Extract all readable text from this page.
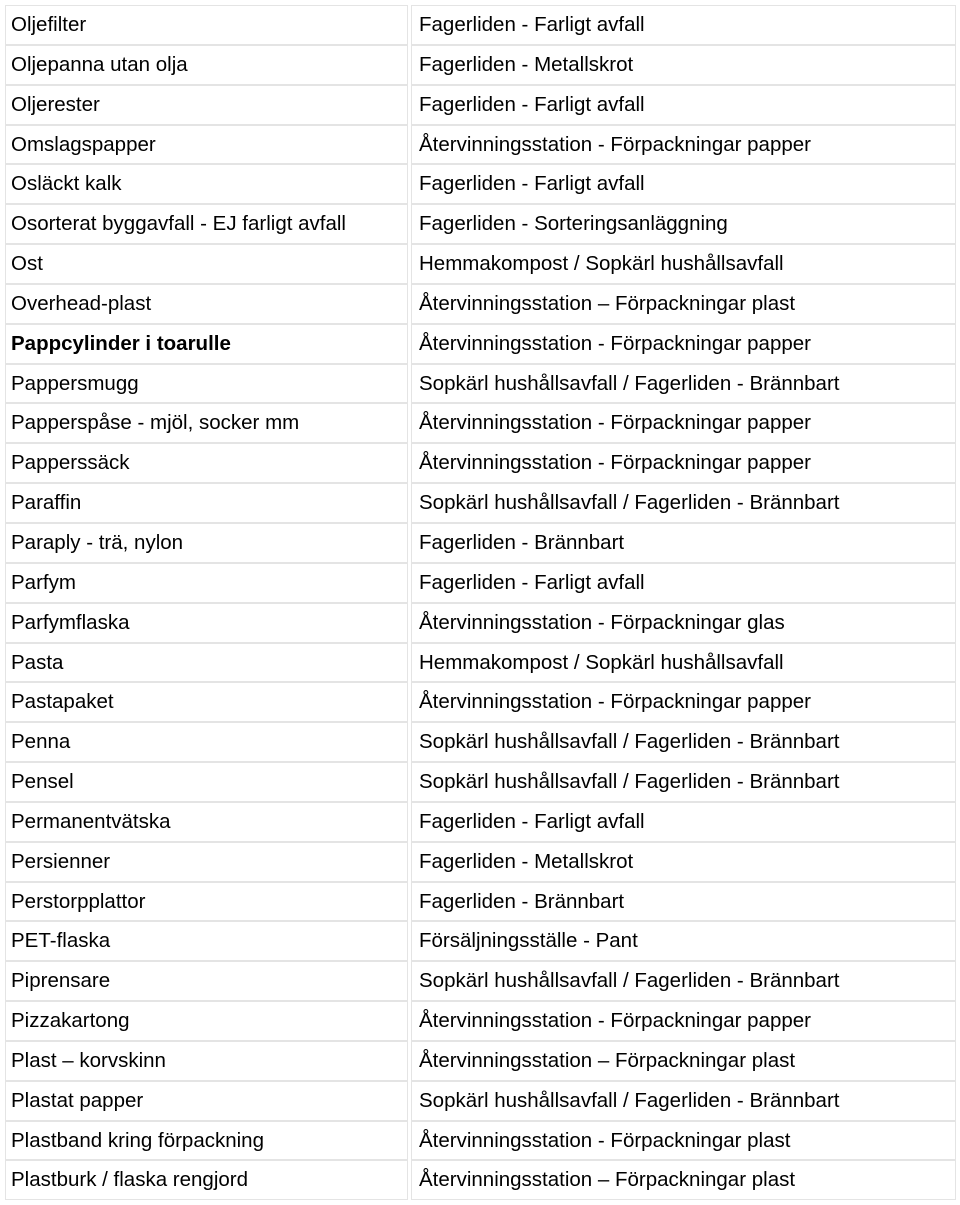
Oljefilter	Fagerliden - Farligt avfall
Oljepanna utan olja	Fagerliden - Metallskrot
Oljerester	Fagerliden - Farligt avfall
Omslagspapper	Återvinningsstation - Förpackningar papper
Osläckt kalk	Fagerliden - Farligt avfall
Osorterat byggavfall - EJ farligt avfall	Fagerliden - Sorteringsanläggning
Ost	Hemmakompost / Sopkärl hushållsavfall
Overhead-plast	Återvinningsstation – Förpackningar plast
Pappcylinder i toarulle	Återvinningsstation - Förpackningar papper
Pappersmugg	Sopkärl hushållsavfall / Fagerliden - Brännbart
Papperspåse - mjöl, socker mm	Återvinningsstation - Förpackningar papper
Papperssäck	Återvinningsstation - Förpackningar papper
Paraffin	Sopkärl hushållsavfall / Fagerliden - Brännbart
Paraply - trä, nylon	Fagerliden - Brännbart
Parfym	Fagerliden - Farligt avfall
Parfymflaska	Återvinningsstation - Förpackningar glas
Pasta	Hemmakompost / Sopkärl hushållsavfall
Pastapaket	Återvinningsstation - Förpackningar papper
Penna	Sopkärl hushållsavfall / Fagerliden - Brännbart
Pensel	Sopkärl hushållsavfall / Fagerliden - Brännbart
Permanentvätska	Fagerliden - Farligt avfall
Persienner	Fagerliden - Metallskrot
Perstorpplattor	Fagerliden - Brännbart
PET-flaska	Försäljningsställe - Pant
Piprensare	Sopkärl hushållsavfall / Fagerliden - Brännbart
Pizzakartong	Återvinningsstation - Förpackningar papper
Plast – korvskinn	Återvinningsstation – Förpackningar plast
Plastat papper	Sopkärl hushållsavfall / Fagerliden - Brännbart
Plastband kring förpackning	Återvinningsstation - Förpackningar plast
Plastburk / flaska rengjord	Återvinningsstation – Förpackningar plast
